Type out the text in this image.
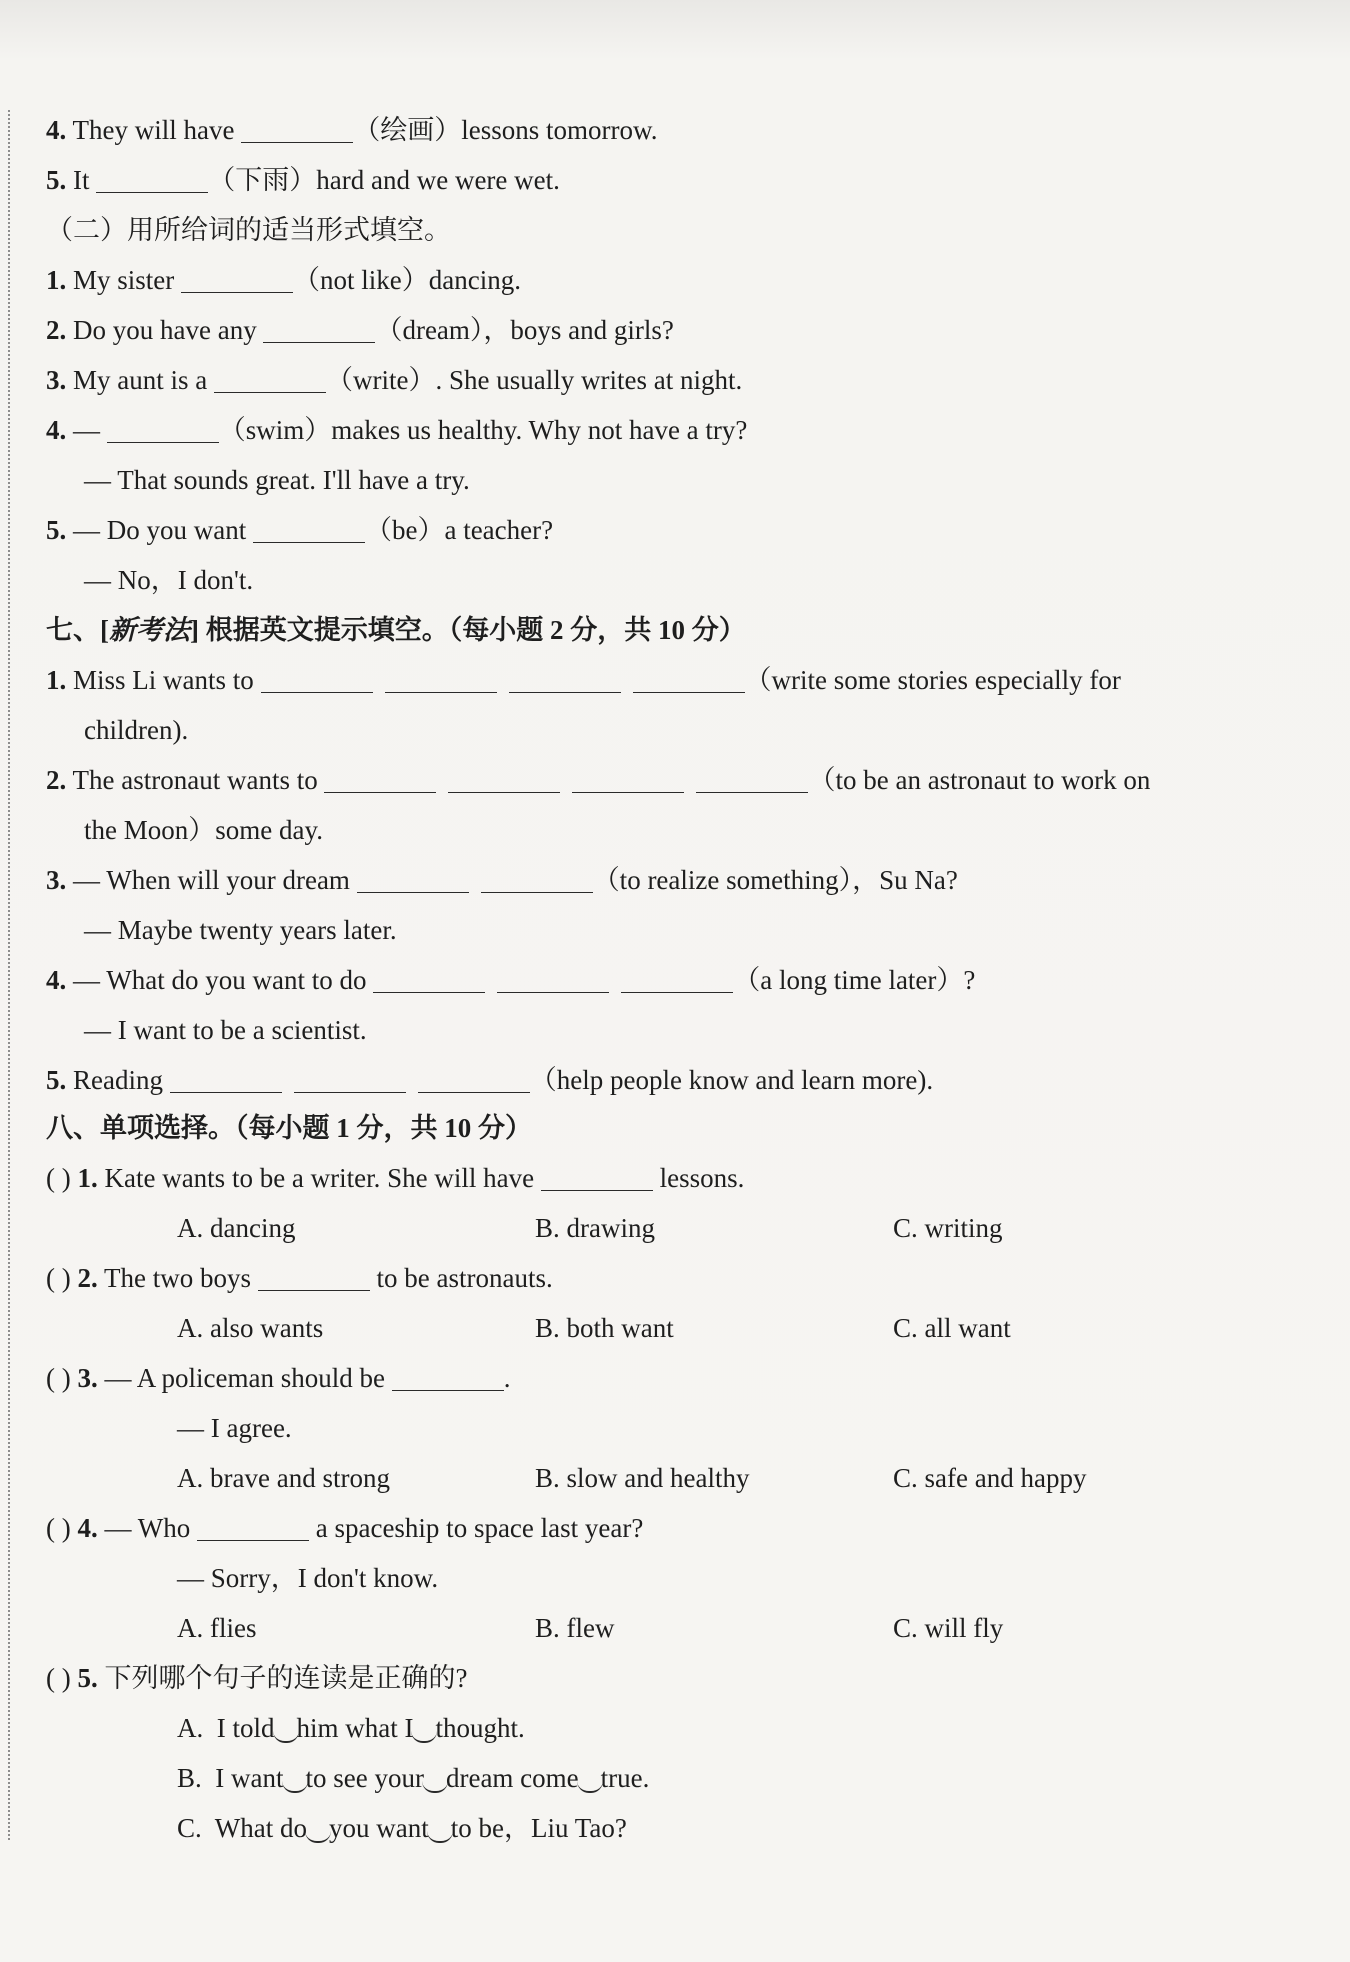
4. They will have	（绘画）lessons tomorrow.
5. It	（下雨）hard and we were wet.
（二）用所给词的适当形式填空。
1. My sister	（not like）dancing.
2. Do you have any	（dream），boys and girls?
3. My aunt is a	（write）. She usually writes at night.
4. —	（swim）makes us healthy. Why not have a try?
— That sounds great. I'll have a try.
5. — Do you want	（be）a teacher?
— No，I don't.
七、[新考法] 根据英文提示填空。（每小题 2 分，共 10 分）
1. Miss Li wants to	（write some stories especially for
children).
2. The astronaut wants to	（to be an astronaut to work on
the Moon）some day.
3. — When will your dream	（to realize something），Su Na?
— Maybe twenty years later.
4. — What do you want to do	（a long time later）?
— I want to be a scientist.
5. Reading	（help people know and learn more).
八、单项选择。（每小题 1 分，共 10 分）
( ) 1. Kate wants to be a writer. She will have	lessons.
A. dancing	B. drawing	C. writing
( ) 2. The two boys	to be astronauts.
A. also wants	B. both want	C. all want
( ) 3. — A policeman should be	.
— I agree.
A. brave and strong	B. slow and healthy	C. safe and happy
( ) 4. — Who	a spaceship to space last year?
— Sorry，I don't know.
A. flies	B. flew	C. will fly
( ) 5. 下列哪个句子的连读是正确的?
A. I told him what I thought.
B. I want to see your dream come true.
C. What do you want to be，Liu Tao?
